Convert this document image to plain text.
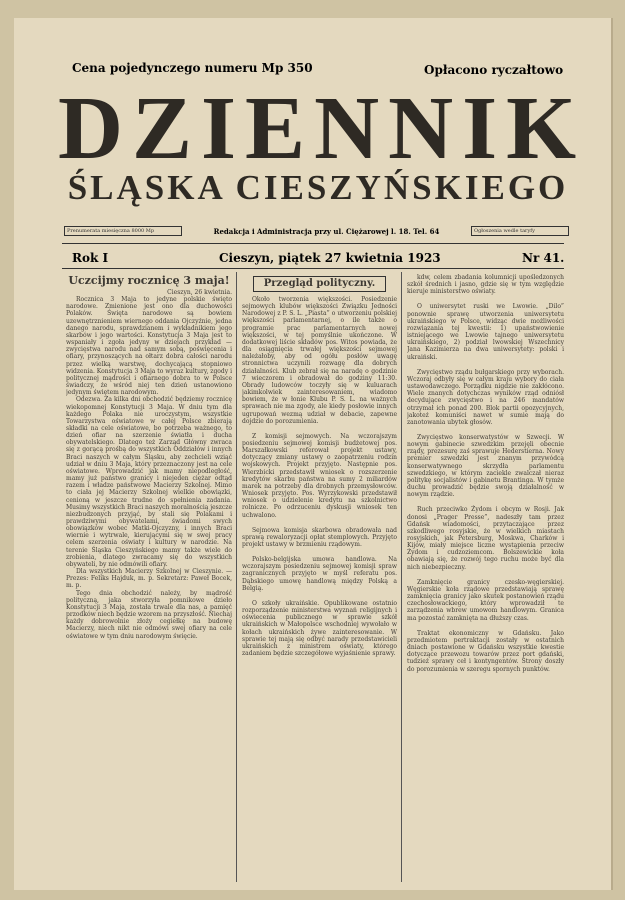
Cena pojedynczego numeru Mp 350	Opłacono ryczałtowo
DZIENNIK
ŚLĄSKA CIESZYŃSKIEGO
Prenumerata miesięczna 8000 Mp	Redakcja i Administracja przy ul. Ciężarowej l. 18. Tel. 64	Ogłoszenia wedle taryfy
Rok I	Cieszyn, piątek 27 kwietnia 1923	Nr 41.

Uczcijmy rocznicę 3 maja!

Cieszyn, 26 kwietnia.

Rocznica 3 Maja to jedyne polskie święto narodowe. Zmienione jest ono dla duchowości Polaków. Święta narodowe są bowiem uzewnętrznieniem wiernego oddania Ojczyźnie, jedna danego narodu, sprawdzianem i wykładnikiem jego skarbów i jego wartości. Konstytucja 3 Maja jest to wspaniały i zgoła jedyny w dziejach przykład — zwycięstwa narodu nad samym sobą, poświęcenia i ofiary, przynoszących na ołtarz dobra całości narodu przez wielką warstwę, dochycającą stopniowo widzenia. Konstytucja 3 Maja to wyraz kultury, zgody i politycznej mądrości i ofiarnego dobra to w Polsce świadczy, że wśród niej ten dzień ustanowiono jedynym świętem narodowym.

Odezwa. Za kilka dni obchodzić będziemy rocznicę wiekopomnej Konstytucji 3 Maja. W dniu tym dla każdego Polaka nie uroczystym, wszystkie Towarzystwa oświatowe w całej Polsce zbierają składki na cele oświatowe, bo potrzeba ważnego, to dzień ofiar na szerzenie światła i ducha obywatelskiego. Dlatego też Zarząd Główny zwraca się z gorącą prośbą do wszystkich Oddziałów i innych Braci naszych w całym Śląsku, aby zechcieli wziąć udział w dniu 3 Maja, który przeznaczony jest na cele oświatowe. Wprowadzić jak mamy niepodległość, mamy już państwo granicy i niejeden ciężar odtąd razem i władze państwowe Macierzy Szkolnej. Mimo to ciała jej Macierzy Szkolnej wielkie obowiązki, cenioną w jeszcze trudne do spełnienia zadania. Musimy wszystkich Braci naszych moralnością jeszcze niezbudzonych przyjąć, by stali się Polakami i prawdziwymi obywatelami, świadomi swych obowiązków wobec Matki-Ojczyzny, i innych Braci wiernie i wytrwale, kierującymi się w swej pracy celem szerzenia oświaty i kultury w narodzie. Na terenie Śląska Cieszyńskiego mamy także wiele do zrobienia, dlatego zwracamy się do wszystkich obywateli, by nie odmówili ofiary.

Dla wszystkich Macierzy Szkolnej w Cieszynie. — Prezes: Feliks Hajduk, m. p. Sekretarz: Paweł Bocek, m. p.

Tego dnia obchodzić należy, by mądrość polityczną, jaka stworzyła pomnikowe dzieło Konstytucji 3 Maja, została trwale dla nas, a pamięć przodków niech będzie wzorem na przyszłość. Niechaj każdy dobrowolnie złoży cegiełkę na budowę Macierzy, niech nikt nie odmówi swej ofiary na cele oświatowe w tym dniu narodowym święcie.

Przegląd polityczny.

Około tworzenia większości. Posiedzenie sejmowych klubów większości Związku Jedności Narodowej z P. S. L. „Piasta” o utworzeniu polskiej większości parlamentarnej, o ile także o programie prac parlamentarnych nowej większości, w tej pomyślnie ukończone. W dodatkowej liście składów pos. Witos powiada, że dla osiągnięcia trwałej większości sejmowej należałoby, aby od ogółu posłów uwagę stronnictwa uczynili rozwagę dla dobrych działalności. Klub zebrał się na naradę o godzinie 7 wieczorem i obradował do godziny 11:30. Obrady ludowców toczyły się w kuluarach jakimkolwiek zainteresowaniem, wiadomo bowiem, że w łonie Klubu P. S. L. na ważnych sprawach nie ma zgody, ale kiedy posłowie innych ugrupowań wezmą udział w debacie, zapewne dojdzie do porozumienia.

Z komisji sejmowych. Na wczorajszym posiedzeniu sejmowej komisji budżetowej pos. Marszałkowski referował projekt ustawy, dotyczący zmiany ustawy o zaopatrzeniu rodzin wojskowych. Projekt przyjęto. Następnie pos. Wierzbicki przedstawił wniosek o rozszerzenie kredytów skarbu państwa na sumy 2 miliardów marek na potrzeby dla drobnych przemysłowców. Wniosek przyjęto. Pos. Wyrzykowski przedstawił wniosek o udzielenie kredytu na szkolnictwo rolnicze. Po odrzuceniu dyskusji wniosek ten uchwalono.

Sejmowa komisja skarbowa obradowała nad sprawą rewaloryzacji opłat stemplowych. Przyjęto projekt ustawy w brzmieniu rządowym.

Polsko-belgijska umowa handlowa. Na wczorajszym posiedzeniu sejmowej komisji spraw zagranicznych przyjęto w myśl referatu pos. Dąbskiego umowę handlową między Polską a Belgią.

O szkoły ukraińskie. Opublikowane ostatnio rozporządzenie ministerstwa wyznań religijnych i oświecenia publicznego w sprawie szkół ukraińskich w Małopolsce wschodniej wywołało w kołach ukraińskich żywe zainteresowanie. W sprawie tej mają się odbyć narady przedstawicieli ukraińskich z ministrem oświaty, którego zadaniem będzie szczegółowe wyjaśnienie sprawy.

kdw, celem zbadania kolumnicji upośledzonych szkół średnich i jasno, gdzie się w tym względzie kieruje ministerstwo oświaty.

O uniwersytet ruski we Lwowie. „Dilo” ponownie sprawę utworzenia uniwersytetu ukraińskiego w Polsce, widząc dwie możliwości rozwiązania tej kwestii: 1) upaństwowienie istniejącego we Lwowie tajnego uniwersytetu ukraińskiego, 2) podział lwowskiej Wszechnicy Jana Kazimierza na dwa uniwersytety: polski i ukraiński.

Zwycięstwo rządu bułgarskiego przy wyborach. Wczoraj odbyły się w całym kraju wybory do ciała ustawodawczego. Porządku nigdzie nie zakłócono. Wiele znanych dotychczas wyników rząd odniósł decydujące zwycięstwo i na 246 mandatów otrzymał ich ponad 200. Blok partii opozycyjnych, jakoteż komuniści nawet w sumie mają do zanotowania ubytek głosów.

Zwycięstwo konserwatystów w Szwecji. W nowym gabinecie szwedzkim przejęli obecnie rządy, prezesurę zaś sprawuje Hederstierna. Nowy premier szwedzki jest znanym przywódcą konserwatywnego skrzydła parlamentu szwedzkiego, w którym zaciekle zwalczał nieraz politykę socjalistów i gabinetu Brantinga. W tymże duchu prowadzić będzie swoją działalność w nowym rządzie.

Ruch przeciwko Żydom i obcym w Rosji. Jak donosi „Prager Presse”, nadeszły tam przez Gdańsk wiadomości, przytaczające przez szkodliwego rosyjskie, że w wielkich miastach rosyjskich, jak Petersburg, Moskwa, Charków i Kijów, miały miejsce liczne wystąpienia przeciw Żydom i cudzoziemcom. Bolszewickie koła obawiają się, że rozwój tego ruchu może być dla nich niebezpieczny.

Zamknięcie granicy czesko-węgierskiej. Węgierskie koła rządowe przedstawiają sprawę zamknięcia granicy jako skutek postanowień rządu czechosłowackiego, który wprowadził te zarządzenia wbrew umowom handlowym. Granica ma pozostać zamknięta na dłuższy czas.

Traktat ekonomiczny w Gdańsku. Jako przedmiotem pertraktacji zostały w ostatnich dniach postawione w Gdańsku wszystkie kwestie dotyczące przewozu towarów przez port gdański, tudzież sprawy ceł i kontyngentów. Strony doszły do porozumienia w szeregu spornych punktów.
